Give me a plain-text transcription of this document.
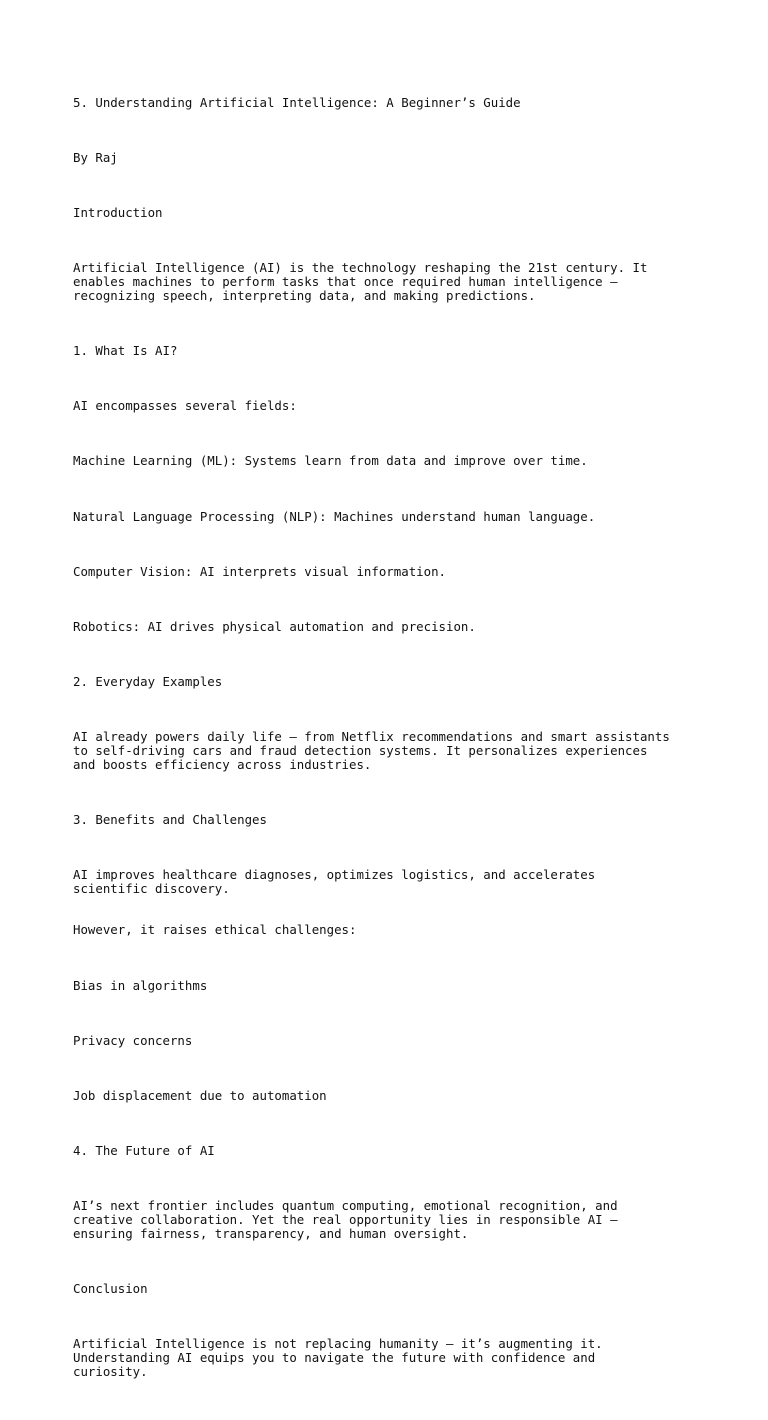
5. Understanding Artificial Intelligence: A Beginner’s Guide

By Raj

Introduction

Artificial Intelligence (AI) is the technology reshaping the 21st century. It
enables machines to perform tasks that once required human intelligence —
recognizing speech, interpreting data, and making predictions.

1. What Is AI?

AI encompasses several fields:

Machine Learning (ML): Systems learn from data and improve over time.

Natural Language Processing (NLP): Machines understand human language.

Computer Vision: AI interprets visual information.

Robotics: AI drives physical automation and precision.

2. Everyday Examples

AI already powers daily life — from Netflix recommendations and smart assistants
to self-driving cars and fraud detection systems. It personalizes experiences
and boosts efficiency across industries.

3. Benefits and Challenges

AI improves healthcare diagnoses, optimizes logistics, and accelerates
scientific discovery.

However, it raises ethical challenges:

Bias in algorithms

Privacy concerns

Job displacement due to automation

4. The Future of AI

AI’s next frontier includes quantum computing, emotional recognition, and
creative collaboration. Yet the real opportunity lies in responsible AI —
ensuring fairness, transparency, and human oversight.

Conclusion

Artificial Intelligence is not replacing humanity — it’s augmenting it.
Understanding AI equips you to navigate the future with confidence and
curiosity.
